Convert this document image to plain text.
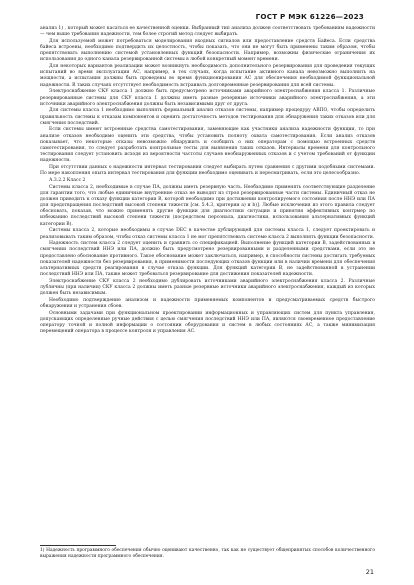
ГОСТ Р МЭК 61226—2023

анализ 1) , который может касаться ее качественной оценки. Выбранный тип анализа должен соответствовать требованиям надежности — чем выше требования надежности, тем более строгий метод следует выбирать.

Для используемой может потребоваться моделирования входных сигналов или предоставление средств Байеса. Если средства байеса встроены, необходимо подтвердить их целостность, чтобы показать, что они не могут быть применены таким образом, чтобы препятствовать выполнению системой установленных функций безопасности. Например, возможны физические ограничения их использования до одного канала резервированной системы в любой конкретный момент времени.

Для некоторых вариантов реализации может возникнуть необходимость дополнительного резервирования для проведения текущих испытаний во время эксплуатации АС, например, в тех случаях, когда испытание активного канала невозможно выполнить на мощности, а испытания должны быть проведены во время функционирования АС для обеспечения необходимой функциональной надежности. В таких случаях отсутствует необходимость встраивать долговременные резервирования для всей системы.

Электроснабжение СКУ класса 1 должно быть предусмотрено источниками аварийного электроснабжения класса 1. Различные резервированные системы для СКУ класса 1 должны иметь разные резервные источники аварийного электроснабжения, а эти источники аварийного электроснабжения должны быть независимыми друг от друга.

Для системы класса 1 необходимо выполнять формальный анализ отказов системы, например процедуру АВПО, чтобы определить правильность системы к отказам компонентов и оценить достаточность методов тестирования для обнаружения таких отказов или для смягчения последствий.

Если системы имеют встроенные средства самотестирования, заменяющие как участники анализа надежности функции, то при анализе отказов необходимо оценить эти средства, чтобы установить полноту охвата самотестирования. Если анализ отказов показывает, что некоторые отказы невозможно обнаружить и сообщить о них операторам с помощью встроенных средств самотестирования, то следует разработать контрольные тесты для выявления таких отказов. Интервалы времени для контрольного тестирования следует установить исходя из вероятности частоты случаев необнаруженных отказов и с учетом требований от функции надежности.

При отсутствии данных о надежности интервал тестирования следует выбирать путем сравнения с другими подобными системами. По мере накопления опыта интервал тестирования для функции необходимо оценивать и пересматривать, если это целесообразно.

А.3.2.2 Класс 2

Системы класса 2, необходимые в случае ПА, должны иметь резервную часть. Необходимо применять соответствующие разделение для гарантии того, что любые единичные внутренние отказ не выводят из строя резервированные части системы. Единичный отказ не должен приводить к отказу функции категории В, которой необходимо при достижении контролируемого состояния после ННЭ или ПА для предотвращения последствий высокой степени тяжести [см. 5.4.3, критерии а) и b)]. Любые исключения из этого правила следует обосновать, показав, что можно применять другие функции для диагностики ситуации и принятия эффективных контрмер по избежанию последствий высокой степени тяжести (посредством персонала, диагностики, использования альтернативных функций категории В).

Системы класса 2, которые необходимы в случае DEC в качестве дублирующей для системы класса 1, следует проектировать и реализовывать таким образом, чтобы отказ системы класса 1 не мог препятствовать системе класса 2 выполнять функции безопасности.

Надежность систем класса 2 следует оценить и сравнить со спецификацией. Выполнение функций категории В, задействованных в смягчении последствий ННЭ или ПА, должно быть предусмотрено резервированными и разделенными средствами, если это не предоставлено обоснование противного. Такое обоснование может заключаться, например, в способности системы достигать требуемых показателей надежности без резервирования, в применимости последующих отказов функции или в наличии времени для обеспечения альтернативных средств реагирования в случае отказа функции. Для функций категории В, не задействованной в устранении последствий ННЭ или ПА, также может требоваться резервирование для достижения показателей надежности.

Электроснабжение СКУ класса 2 необходимо дублировать источниками аварийного электроснабжения класса 2. Различные лубличны (при наличии) СКУ класса 2 должны иметь разные резервные источники аварийного электроснабжения, каждый из которых должен быть независимым.

Необходимо подтверждение анализом и надежности применяемых компонентов и предусматриваемых средств быстрого обнаружения и устранения сбоев.

Основными задачами при функциональном проектировании информационных и управляющих систем для пункта управления, допускающих определенные ручные действия с целью смягчения последствий ННЭ или ПА, являются своевременное предоставление оператору точной и полной информации о состоянии оборудования и систем в любых состояниях АС, а также минимизация перемещений оператора в процессе контроля и управления АС.

1) Надежность программного обеспечения обычно оценивают качественно, так как не существует общепринятых способов количественного выражения надежности программного обеспечения.
21
